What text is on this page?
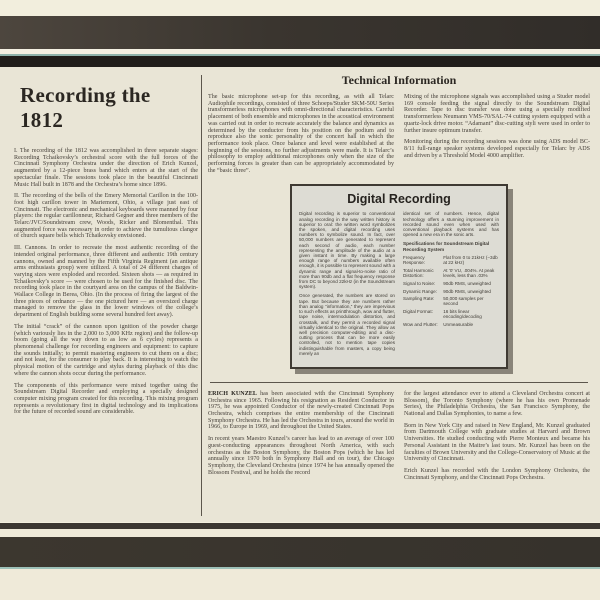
Recording the 1812

I. The recording of the 1812 was accomplished in three separate stages: Recording Tchaikovsky’s orchestral score with the full forces of the Cincinnati Symphony Orchestra under the direction of Erich Kunzel, augmented by a 12-piece brass band which enters at the start of the spectacular finale. The sessions took place in the beautiful Cincinnati Music Hall built in 1878 and the Orchestra’s home since 1896.

II. The recording of the bells of the Emery Memorial Carillon in the 100-foot high carillon tower in Mariemont, Ohio, a village just east of Cincinnati. The electronic and mechanical keyboards were manned by four players: the regular carillonneur, Richard Gegner and three members of the Telarc/JVC/Soundstream crew, Woods, Ricker and Blomenthal. This augmented force was necessary in order to achieve the tumultous clangor of church square bells which Tchaikovsky envisioned.

III. Cannons. In order to recreate the most authentic recording of the intended original performance, three different and authentic 19th century cannons, owned and manned by the Fifth Virginia Regiment (an antique arms enthusiasts group) were utilized. A total of 24 different charges of varying sizes were exploded and recorded. Sixteen shots — as required in Tchaikovsky’s score — were chosen to be used for the finished disc. The recording took place in the courtyard area on the campus of the Baldwin-Wallace College in Berea, Ohio. (In the process of firing the largest of the three pieces of ordnance — the one pictured here — an oversized charge managed to remove the glass in the lower windows of the college’s department of English building some several hundred feet away).

The initial “crack” of the cannon upon ignition of the powder charge (which variously lies in the 2,000 to 3,000 KHz region) and the follow-up boom (going all the way down to as low as 6 cycles) represents a phenomenal challenge for recording engineers and equipment: to capture the sounds initially; to permit mastering engineers to cut them on a disc; and not least, for the consumer to play back. It is interesting to watch the physical motion of the cartridge and stylus during playback of this disc where the cannon shots occur during the performance.

The components of this performance were mixed together using the Soundstream Digital Recorder and employing a specially designed computer mixing program created for this recording. This mixing program represents a revolutionary first in digital technology and its implications for the future of recorded sound are considerable.

Technical Information

The basic microphone set-up for this recording, as with all Telarc Audiophile recordings, consisted of three Schoeps/Studer SKM-50U Series transformerless microphones with omni-directional characteristics. Careful placement of both ensemble and microphones in the acoustical environment was carried out in order to recreate accurately the balance and dynamics as determined by the conductor from his position on the podium and to reproduce also the sonic personality of the concert hall in which the performance took place. Once balance and level were established at the beginning of the sessions, no further adjustments were made. It is Telarc’s philosophy to employ additional microphones only when the size of the performing forces is greater than can be appropriately accommodated by the “basic three”.

Mixing of the microphone signals was accomplished using a Studer model 169 console feeding the signal directly to the Soundstream Digital Recorder. Tape to disc transfer was done using a specially modified transformerless Neumann VMS-70/SAL-74 cutting system equipped with a quartz-lock drive motor. “Adamant” disc-cutting styli were used in order to further insure optimum transfer.

Monitoring during the recording sessions was done using ADS model BC-8/11 full-range speaker systems developed especially for Telarc by ADS and driven by a Threshold Model 4000 amplifier.

Digital Recording

Digital recording is superior to conventional analog recording in the way written history is superior to oral: the written word symbolizes the spoken, and digital recording uses numbers to symbolize sound. In fact, over 50,000 numbers are generated to represent each second of audio, each number representing the amplitude of the audio at a given instant in time. By making a large enough range of numbers available often enough, it is possible to represent sound with a dynamic range and signal-to-noise ratio of more than 90db and a flat frequency response from DC to beyond 22kHz (in the Soundstream system).

Once generated, the numbers are stored on tape. But because they are numbers rather than analog “information,” they are impervious to such effects as printthrough, wow and flutter, tape noise, intermodulation distortion, and crosstalk, and they permit a recorded signal virtually identical to the original. They allow as well precision computer-editing and a disc-cutting process that can be more easily controlled, not to mention tape copies indistinguishable from masters, a copy being merely an

identical set of numbers. Hence, digital technology offers a stunning improvement in recorded sound even when used with conventional playback systems and has opened a new era in the sonic arts.

Specifications for Soundstream Digital Recording System
Frequency Response:
Flat from 0 to 21kHz (−3db at 22 kHz)
Total Harmonic Distortion:
At ‘0’ VU, .004%. At peak levels, less than .03%
Signal to Noise:	90db RMS, unweighted
Dynamic Range:	90db RMS, unweighted
Sampling Rate:	50,000 samples per second
Digital Format:	16 bits linear encoding/decoding
Wow and Flutter:	Unmeasurable

ERICH KUNZEL has been associated with the Cincinnati Symphony Orchestra since 1965. Following his resignation as Resident Conductor in 1975, he was appointed Conductor of the newly-created Cincinnati Pops Orchestra, which comprises the entire membership of the Cincinnati Symphony Orchestra. He has led the Orchestra in tours, around the world in 1966, to Europe in 1969, and throughout the United States.

In recent years Maestro Kunzel’s career has lead to an average of over 100 guest-conducting appearances throughout North America, with such orchestras as the Boston Symphony, the Boston Pops (which he has led annually since 1970 both in Symphony Hall and on tour), the Chicago Symphony, the Cleveland Orchestra (since 1974 he has annually opened the Blossom Festival, and he holds the record

for the largest attendance ever to attend a Cleveland Orchestra concert at Blossom), the Toronto Symphony (where he has his own Promenade Series), the Philadelphia Orchestra, the San Francisco Symphony, the National and Dallas Symphonies, to name a few.

Born in New York City and raised in New England, Mr. Kunzel graduated from Dartmouth College with graduate studies at Harvard and Brown Universities. He studied conducting with Pierre Monteux and became his Personal Assistant in the Maitre’s last tours. Mr. Kunzel has been on the faculties of Brown University and the College-Conservatory of Music at the University of Cincinnati.

Erich Kunzel has recorded with the London Symphony Orchestra, the Cincinnati Symphony, and the Cincinnati Pops Orchestra.
